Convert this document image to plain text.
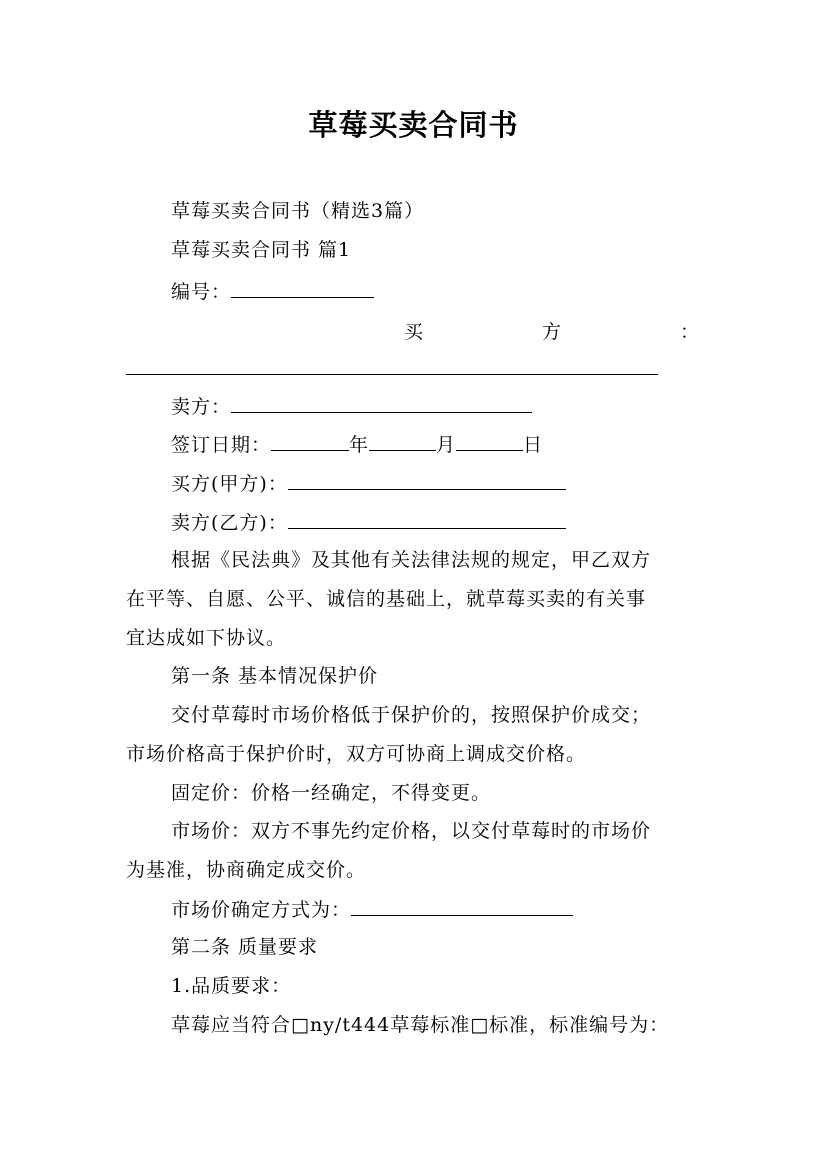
草莓买卖合同书
草莓买卖合同书（精选3篇）
草莓买卖合同书 篇1
编号：
买	方	：
卖方：
签订日期：	年	月	日
买方(甲方)：
卖方(乙方)：
根据《民法典》及其他有关法律法规的规定，甲乙双方
在平等、自愿、公平、诚信的基础上，就草莓买卖的有关事
宜达成如下协议。
第一条 基本情况保护价
交付草莓时市场价格低于保护价的，按照保护价成交；
市场价格高于保护价时，双方可协商上调成交价格。
固定价：价格一经确定，不得变更。
市场价：双方不事先约定价格，以交付草莓时的市场价
为基准，协商确定成交价。
市场价确定方式为：
第二条 质量要求
1.品质要求：
草莓应当符合□ny/t444草莓标准□标准，标准编号为：
